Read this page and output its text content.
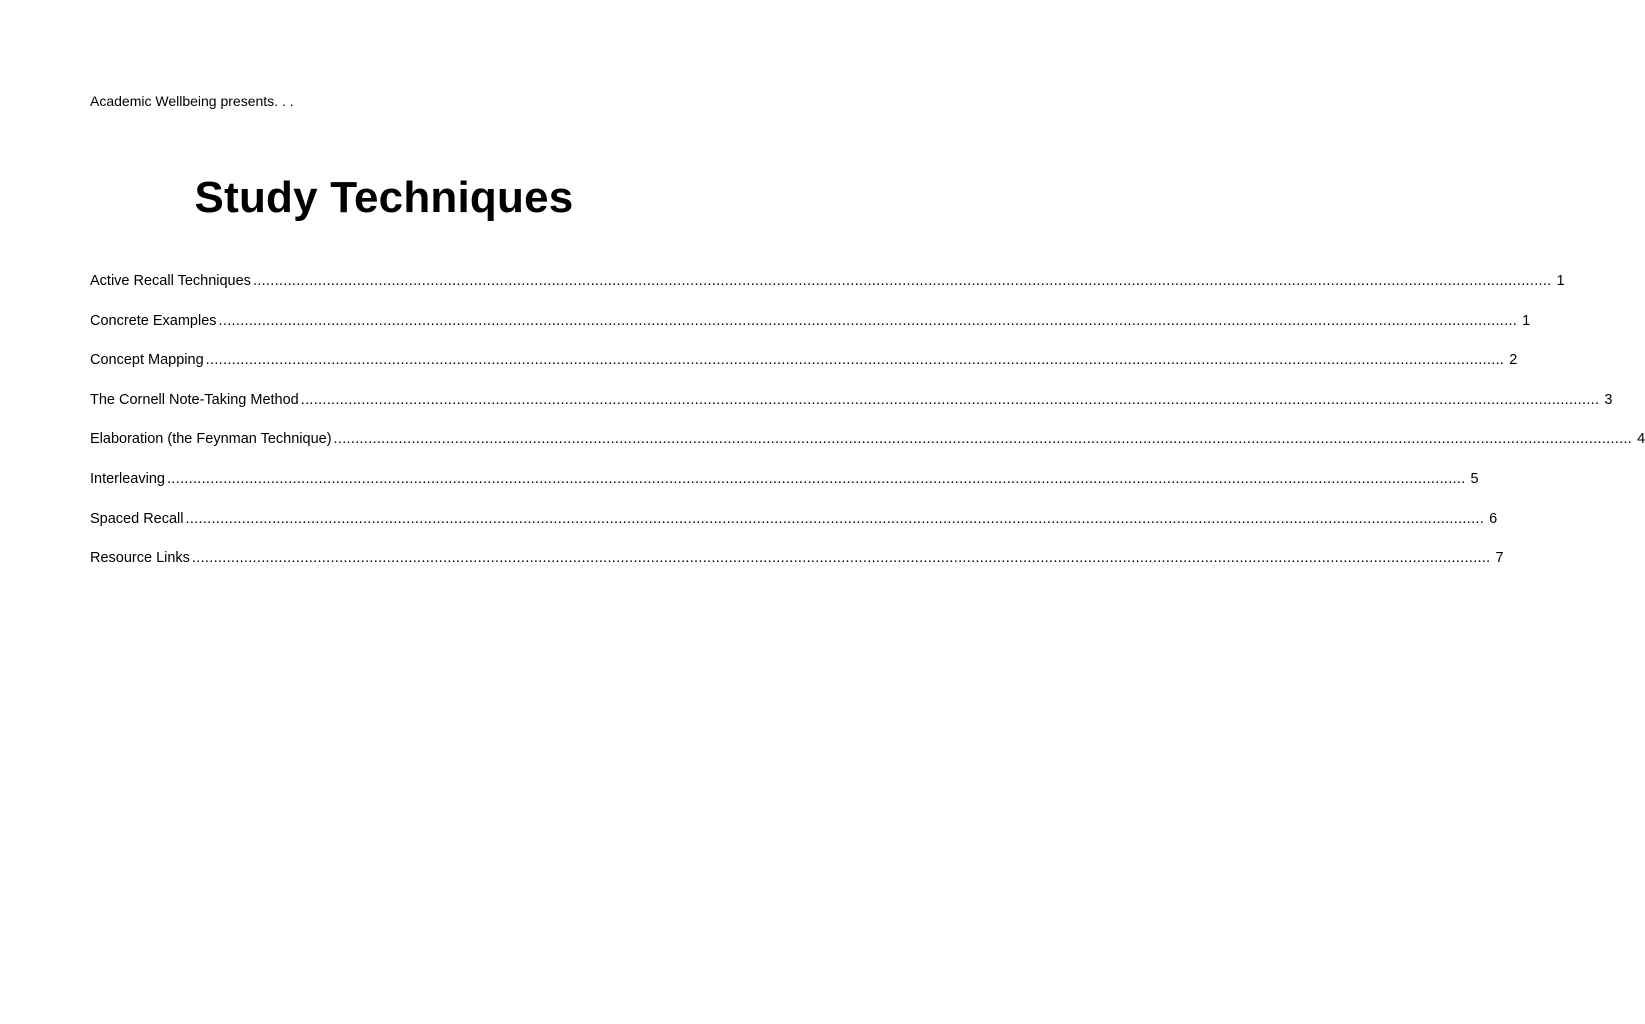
Academic Wellbeing presents. . .
Study Techniques
Active Recall Techniques ............................................................................................................................................................................................................................................................................................................ 1
Concrete Examples ............................................................................................................................................................................................................................................................................................................ 1
Concept Mapping ............................................................................................................................................................................................................................................................................................................ 2
The Cornell Note-Taking Method ............................................................................................................................................................................................................................................................................................................ 3
Elaboration (the Feynman Technique) ............................................................................................................................................................................................................................................................................................................ 4
Interleaving ............................................................................................................................................................................................................................................................................................................ 5
Spaced Recall ............................................................................................................................................................................................................................................................................................................ 6
Resource Links ............................................................................................................................................................................................................................................................................................................ 7
